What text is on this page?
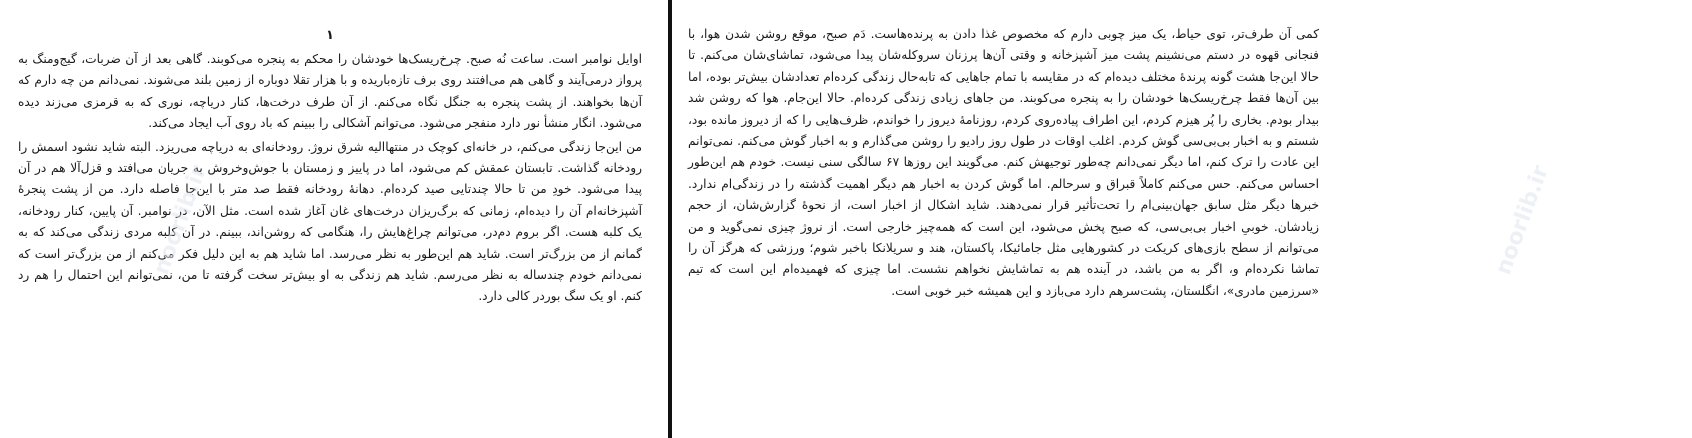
noorlib.ir

کمی آن طرف‌تر، توی حیاط، یک میز چوبی دارم که مخصوص غذا دادن به پرنده‌هاست. دَم صبح، موقع روشن شدن هوا، با فنجانی قهوه در دستم می‌نشینم پشت میز آشپزخانه و وقتی آن‌ها پرزنان سروکله‌شان پیدا می‌شود، تماشای‌شان می‌کنم. تا حالا این‌جا هشت گونه پرندهٔ مختلف دیده‌ام که در مقایسه با تمام جاهایی که تابه‌حال زندگی کرده‌ام تعدادشان بیش‌تر بوده، اما بین آن‌ها فقط چرخ‌ریسک‌ها خودشان را به پنجره می‌کوبند. من جاهای زیادی زندگی کرده‌ام. حالا این‌جام. هوا که روشن شد بیدار بودم. بخاری را پُر هیزم کردم، این اطراف پیاده‌روی کردم، روزنامهٔ دیروز را خواندم، ظرف‌هایی را که از دیروز مانده بود، شستم و به اخبار بی‌بی‌سی گوش کردم. اغلب اوقات در طول روز رادیو را روشن می‌گذارم و به اخبار گوش می‌کنم. نمی‌توانم این عادت را ترک کنم، اما دیگر نمی‌دانم چه‌طور توجیهش کنم. می‌گویند این روزها ۶۷ سالگی سنی نیست. خودم هم این‌طور احساس می‌کنم. حس می‌کنم کاملاً قبراق و سرحالم. اما گوش کردن به اخبار هم دیگر اهمیت گذشته را در زندگی‌ام ندارد. خبرها دیگر مثل سابق جهان‌بینی‌ام را تحت‌تأثیر قرار نمی‌دهند. شاید اشکال از اخبار است، از نحوهٔ گزارش‌شان، از حجم زیادشان. خوبیِ اخبار بی‌بی‌سی، که صبح پخش می‌شود، این است که همه‌چیز خارجی است. از نروژ چیزی نمی‌گوید و من می‌توانم از سطح بازی‌های کریکت در کشورهایی مثل جامائیکا، پاکستان، هند و سریلانکا باخبر شوم؛ ورزشی که هرگز آن را تماشا نکرده‌ام و، اگر به من باشد، در آینده هم به تماشایش نخواهم نشست. اما چیزی که فهمیده‌ام این است که تیم «سرزمین مادری»، انگلستان، پشت‌سرهم دارد می‌بازد و این همیشه خبر خوبی است.

noorlib.ir
۱

اوایل نوامبر است. ساعت نُه صبح. چرخ‌ریسک‌ها خودشان را محکم به پنجره می‌کوبند. گاهی بعد از آن ضربات، گیج‌ومنگ به پرواز درمی‌آیند و گاهی هم می‌افتند روی برف تازه‌باریده و با هزار تقلا دوباره از زمین بلند می‌شوند. نمی‌دانم من چه دارم که آن‌ها بخواهند. از پشت پنجره به جنگل نگاه می‌کنم. از آن طرف درخت‌ها، کنار دریاچه، نوری که به قرمزی می‌زند دیده می‌شود. انگار منشأ نور دارد منفجر می‌شود. می‌توانم آشکالی را ببینم که باد روی آب ایجاد می‌کند.

من این‌جا زندگی می‌کنم، در خانه‌ای کوچک در منتهاالیه شرق نروژ. رودخانه‌ای به دریاچه می‌ریزد. البته شاید نشود اسمش را رودخانه گذاشت. تابستان عمقش کم می‌شود، اما در پاییز و زمستان با جوش‌وخروش به جریان می‌افتد و قزل‌آلا هم در آن پیدا می‌شود. خودِ من تا حالا چندتایی صید کرده‌ام. دهانهٔ رودخانه فقط صد متر با این‌جا فاصله دارد. من از پشت پنجرهٔ آشپزخانه‌ام آن را دیده‌ام، زمانی که برگ‌ریزان درخت‌های غان آغاز شده است. مثل الآن، در نوامبر. آن پایین، کنار رودخانه، یک کلبه هست. اگر بروم دم‌در، می‌توانم چراغ‌هایش را، هنگامی که روشن‌اند، ببینم. در آن کلبه مردی زندگی می‌کند که به گمانم از من بزرگ‌تر است. شاید هم این‌طور به نظر می‌رسد. اما شاید هم به این دلیل فکر می‌کنم از من بزرگ‌تر است که نمی‌دانم خودم چندساله به نظر می‌رسم. شاید هم زندگی به او بیش‌تر سخت گرفته تا من، نمی‌توانم این احتمال را هم رد کنم. او یک سگ بوردر کالی دارد.
